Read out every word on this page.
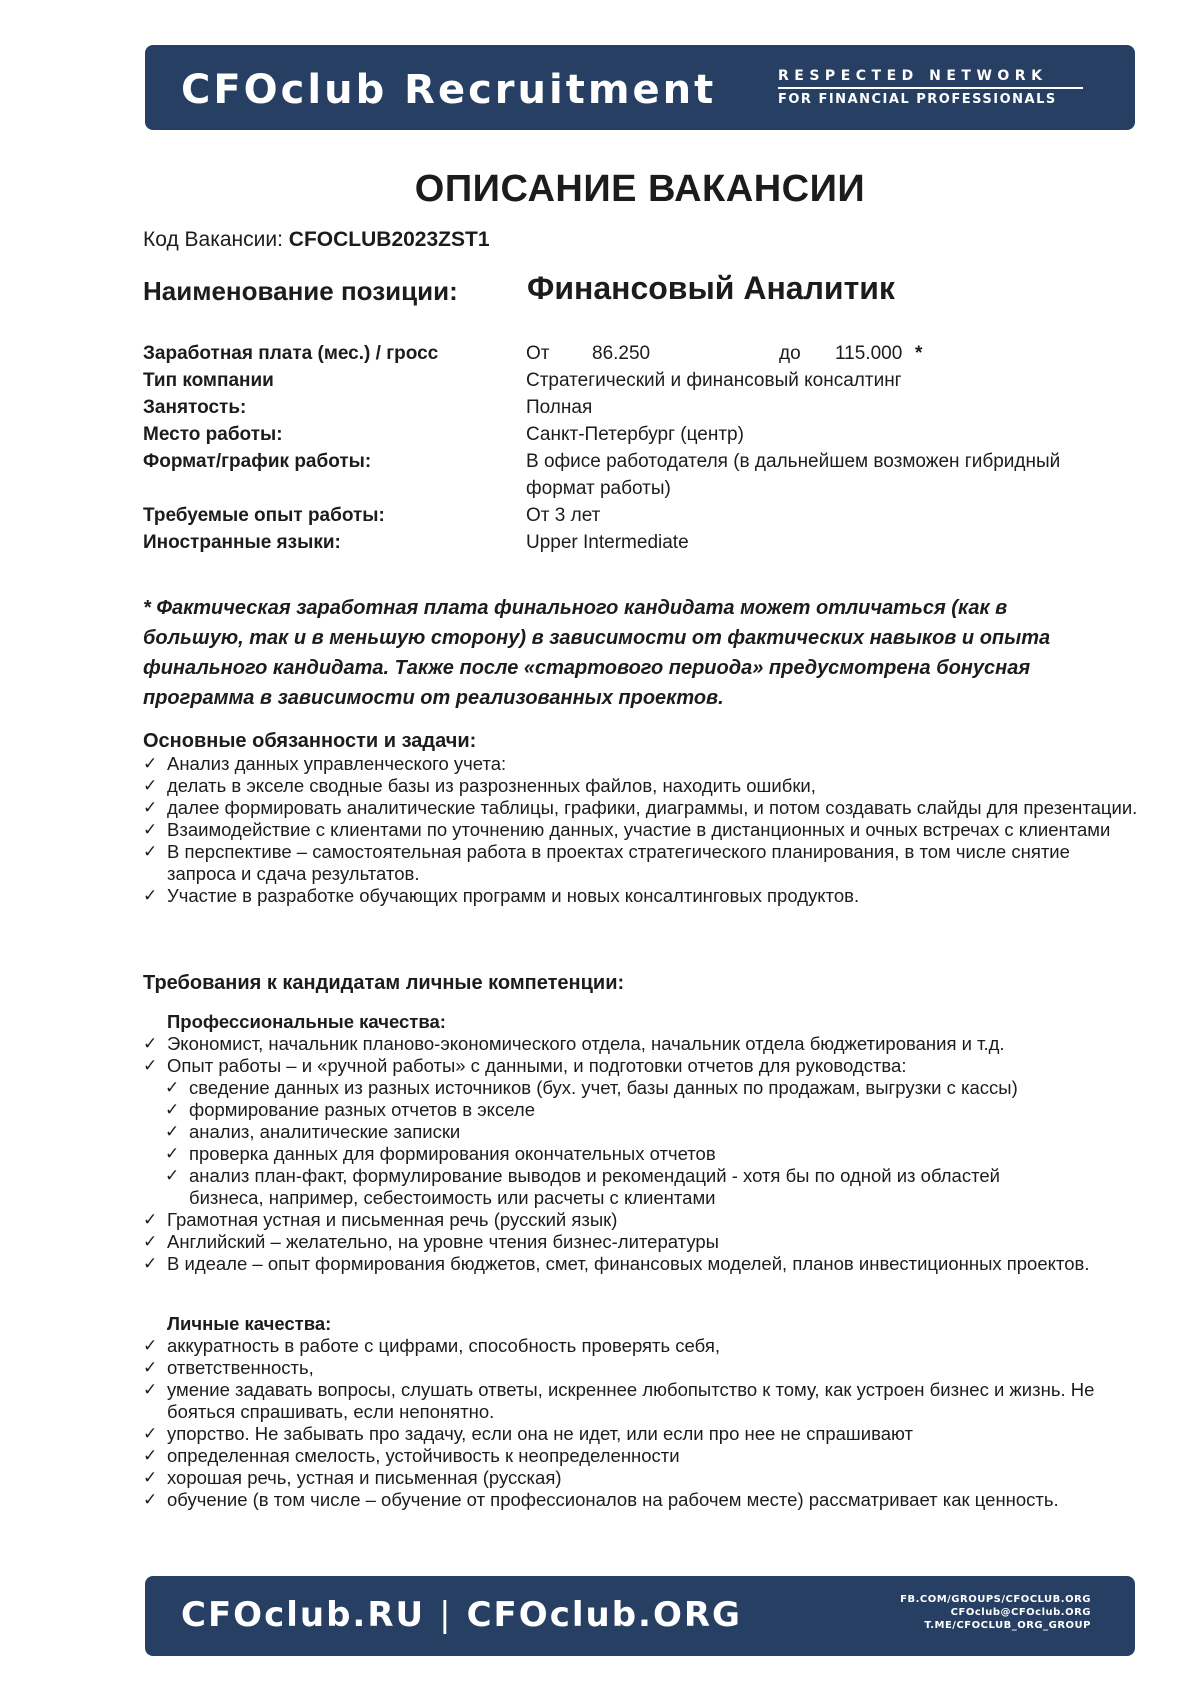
CFOclub Recruitment	RESPECTED NETWORK
FOR FINANCIAL PROFESSIONALS
ОПИСАНИЕ ВАКАНСИИ
Код Вакансии: CFOCLUB2023ZST1
Наименование позиции: Финансовый Аналитик
Заработная плата (мес.) / гросс	От 86.250	до 115.000 *
Тип компании	Стратегический и финансовый консалтинг
Занятость:	Полная
Место работы:	Санкт-Петербург (центр)
Формат/график работы:	В офисе работодателя (в дальнейшем возможен гибридный формат работы)
Требуемые опыт работы:	От 3 лет
Иностранные языки:	Upper Intermediate
* Фактическая заработная плата финального кандидата может отличаться (как в большую, так и в меньшую сторону) в зависимости от фактических навыков и опыта финального кандидата. Также после «стартового периода» предусмотрена бонусная программа в зависимости от реализованных проектов.
Основные обязанности и задачи:
✓ Анализ данных управленческого учета:
✓ делать в экселе сводные базы из разрозненных файлов, находить ошибки,
✓ далее формировать аналитические таблицы, графики, диаграммы, и потом создавать слайды для презентации.
✓ Взаимодействие с клиентами по уточнению данных, участие в дистанционных и очных встречах с клиентами
✓ В перспективе – самостоятельная работа в проектах стратегического планирования, в том числе снятие запроса и сдача результатов.
✓ Участие в разработке обучающих программ и новых консалтинговых продуктов.
Требования к кандидатам личные компетенции:
Профессиональные качества:
✓ Экономист, начальник планово-экономического отдела, начальник отдела бюджетирования и т.д.
✓ Опыт работы – и «ручной работы» с данными, и подготовки отчетов для руководства:
✓ сведение данных из разных источников (бух. учет, базы данных по продажам, выгрузки с кассы)
✓ формирование разных отчетов в экселе
✓ анализ, аналитические записки
✓ проверка данных для формирования окончательных отчетов
✓ анализ план-факт, формулирование выводов и рекомендаций - хотя бы по одной из областей бизнеса, например, себестоимость или расчеты с клиентами
✓ Грамотная устная и письменная речь (русский язык)
✓ Английский – желательно, на уровне чтения бизнес-литературы
✓ В идеале – опыт формирования бюджетов, смет, финансовых моделей, планов инвестиционных проектов.
Личные качества:
✓ аккуратность в работе с цифрами, способность проверять себя,
✓ ответственность,
✓ умение задавать вопросы, слушать ответы, искреннее любопытство к тому, как устроен бизнес и жизнь. Не бояться спрашивать, если непонятно.
✓ упорство. Не забывать про задачу, если она не идет, или если про нее не спрашивают
✓ определенная смелость, устойчивость к неопределенности
✓ хорошая речь, устная и письменная (русская)
✓ обучение (в том числе – обучение от профессионалов на рабочем месте) рассматривает как ценность.
CFOclub.RU | CFOclub.ORG	FB.COM/GROUPS/CFOCLUB.ORG
CFOclub@CFOclub.ORG
T.ME/CFOCLUB_ORG_GROUP
